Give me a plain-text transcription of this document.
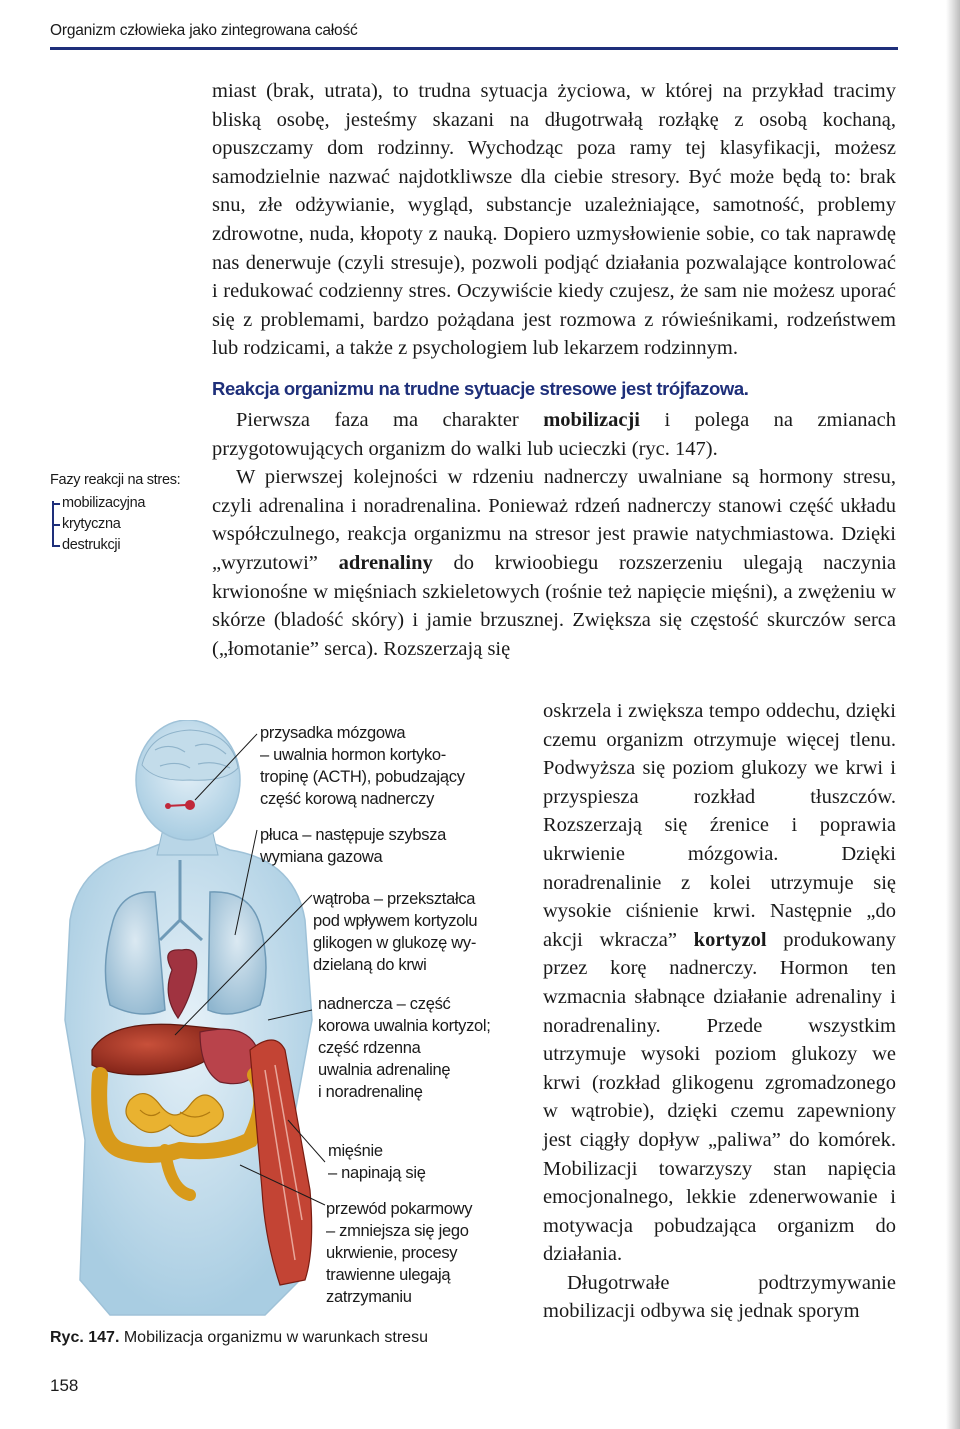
Organizm człowieka jako zintegrowana całość

miast (brak, utrata), to trudna sytuacja życiowa, w której na przykład tracimy bliską osobę, jesteśmy skazani na długotrwałą rozłąkę z osobą kochaną, opuszczamy dom rodzinny. Wychodząc poza ramy tej klasyfikacji, możesz samodzielnie nazwać najdotkliwsze dla ciebie stresory. Być może będą to: brak snu, złe odżywianie, wygląd, substancje uzależniające, samotność, problemy zdrowotne, nuda, kłopoty z nauką. Dopiero uzmysłowienie sobie, co tak naprawdę nas denerwuje (czyli stresuje), pozwoli podjąć działania pozwalające kontrolować i redukować codzienny stres. Oczywiście kiedy czujesz, że sam nie możesz uporać się z problemami, bardzo pożądana jest rozmowa z rówieśnikami, rodzeństwem lub rodzicami, a także z psychologiem lub lekarzem rodzinnym.

Reakcja organizmu na trudne sytuacje stresowe jest trójfazowa.

Pierwsza faza ma charakter mobilizacji i polega na zmianach przygotowujących organizm do walki lub ucieczki (ryc. 147).

W pierwszej kolejności w rdzeniu nadnerczy uwalniane są hormony stresu, czyli adrenalina i noradrenalina. Ponieważ rdzeń nadnerczy stanowi część układu współczulnego, reakcja organizmu na stresor jest prawie natychmiastowa. Dzięki „wyrzutowi” adrenaliny do krwioobiegu rozszerzeniu ulegają naczynia krwionośne w mięśniach szkieletowych (rośnie też napięcie mięśni), a zwężeniu w skórze (bladość skóry) i jamie brzusznej. Zwiększa się częstość skurczów serca („łomotanie” serca). Rozszerzają się

Fazy reakcji na stres:
mobilizacyjna
krytyczna
destrukcji

oskrzela i zwiększa tempo oddechu, dzięki czemu organizm otrzymuje więcej tlenu. Podwyższa się poziom glukozy we krwi i przyspiesza rozkład tłuszczów. Rozszerzają się źrenice i poprawia ukrwienie mózgowia. Dzięki noradrenalinie z kolei utrzymuje się wysokie ciśnienie krwi. Następnie „do akcji wkracza” kortyzol produkowany przez korę nadnerczy. Hormon ten wzmacnia słabnące działanie adrenaliny i noradrenaliny. Przede wszystkim utrzymuje wysoki poziom glukozy we krwi (rozkład glikogenu zgromadzonego w wątrobie), dzięki czemu zapewniony jest ciągły dopływ „paliwa” do komórek. Mobilizacji towarzyszy stan napięcia emocjonalnego, lekkie zdenerwowanie i motywacja pobudzająca organizm do działania.

Długotrwałe podtrzymywanie mobilizacji odbywa się jednak sporym

przysadka mózgowa
– uwalnia hormon kortyko-
tropinę (ACTH), pobudzający
część korową nadnerczy
płuca – następuje szybsza
wymiana gazowa
wątroba – przekształca
pod wpływem kortyzolu
glikogen w glukozę wy-
dzielaną do krwi
nadnercza – część
korowa uwalnia kortyzol;
część rdzenna
uwalnia adrenalinę
i noradrenalinę
mięśnie
– napinają się
przewód pokarmowy
– zmniejsza się jego
ukrwienie, procesy
trawienne ulegają
zatrzymaniu
Ryc. 147. Mobilizacja organizmu w warunkach stresu
158
